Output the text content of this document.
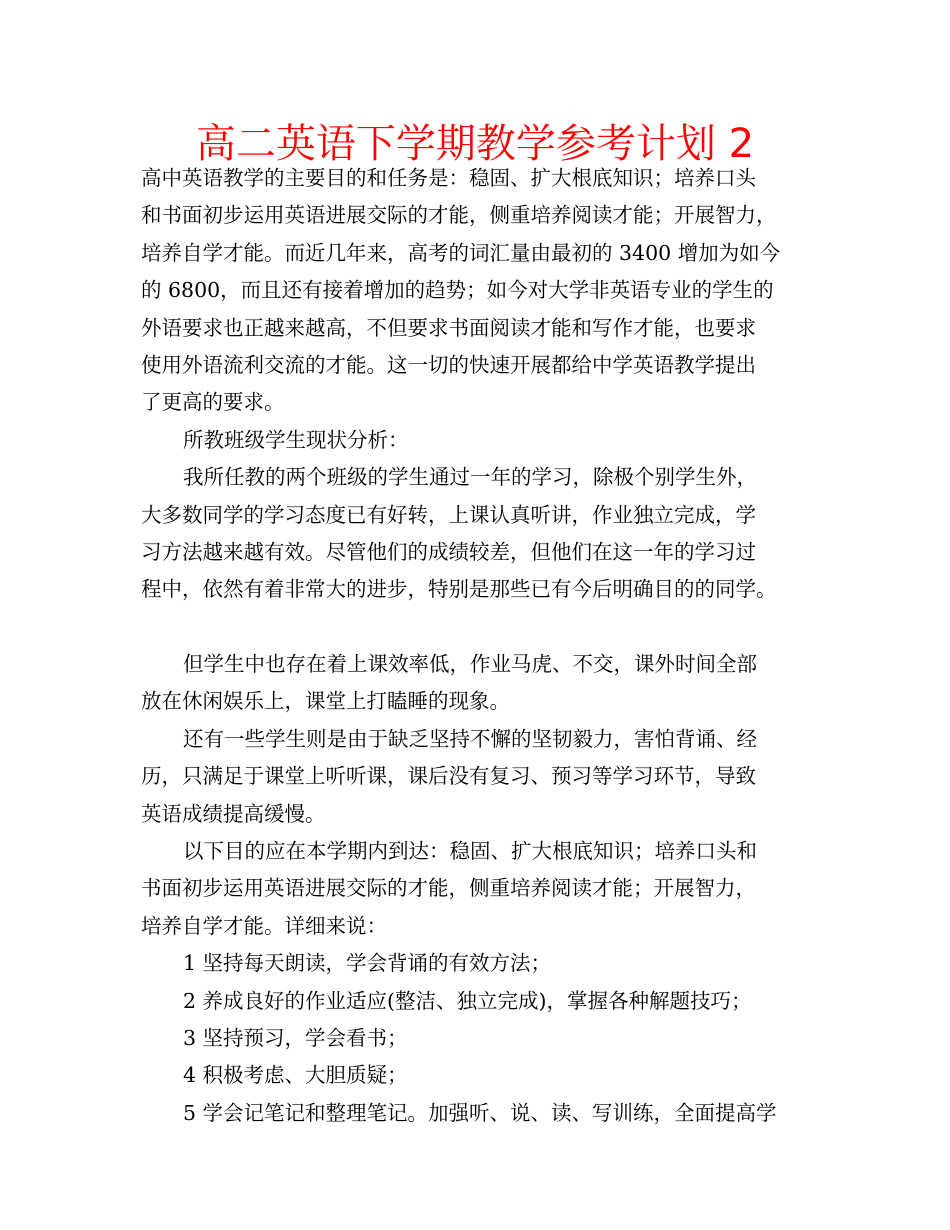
高二英语下学期教学参考计划 2
高中英语教学的主要目的和任务是：稳固、扩大根底知识；培养口头
和书面初步运用英语进展交际的才能，侧重培养阅读才能；开展智力，
培养自学才能。而近几年来，高考的词汇量由最初的 3400 增加为如今
的 6800，而且还有接着增加的趋势；如今对大学非英语专业的学生的
外语要求也正越来越高，不但要求书面阅读才能和写作才能，也要求
使用外语流利交流的才能。这一切的快速开展都给中学英语教学提出
了更高的要求。
所教班级学生现状分析：
我所任教的两个班级的学生通过一年的学习，除极个别学生外，
大多数同学的学习态度已有好转，上课认真听讲，作业独立完成，学
习方法越来越有效。尽管他们的成绩较差，但他们在这一年的学习过
程中，依然有着非常大的进步，特别是那些已有今后明确目的的同学。
但学生中也存在着上课效率低，作业马虎、不交，课外时间全部
放在休闲娱乐上，课堂上打瞌睡的现象。
还有一些学生则是由于缺乏坚持不懈的坚韧毅力，害怕背诵、经
历，只满足于课堂上听听课，课后没有复习、预习等学习环节，导致
英语成绩提高缓慢。
以下目的应在本学期内到达：稳固、扩大根底知识；培养口头和
书面初步运用英语进展交际的才能，侧重培养阅读才能；开展智力，
培养自学才能。详细来说：
1 坚持每天朗读，学会背诵的有效方法；
2 养成良好的作业适应(整洁、独立完成)，掌握各种解题技巧；
3 坚持预习，学会看书；
4 积极考虑、大胆质疑；
5 学会记笔记和整理笔记。加强听、说、读、写训练，全面提高学
